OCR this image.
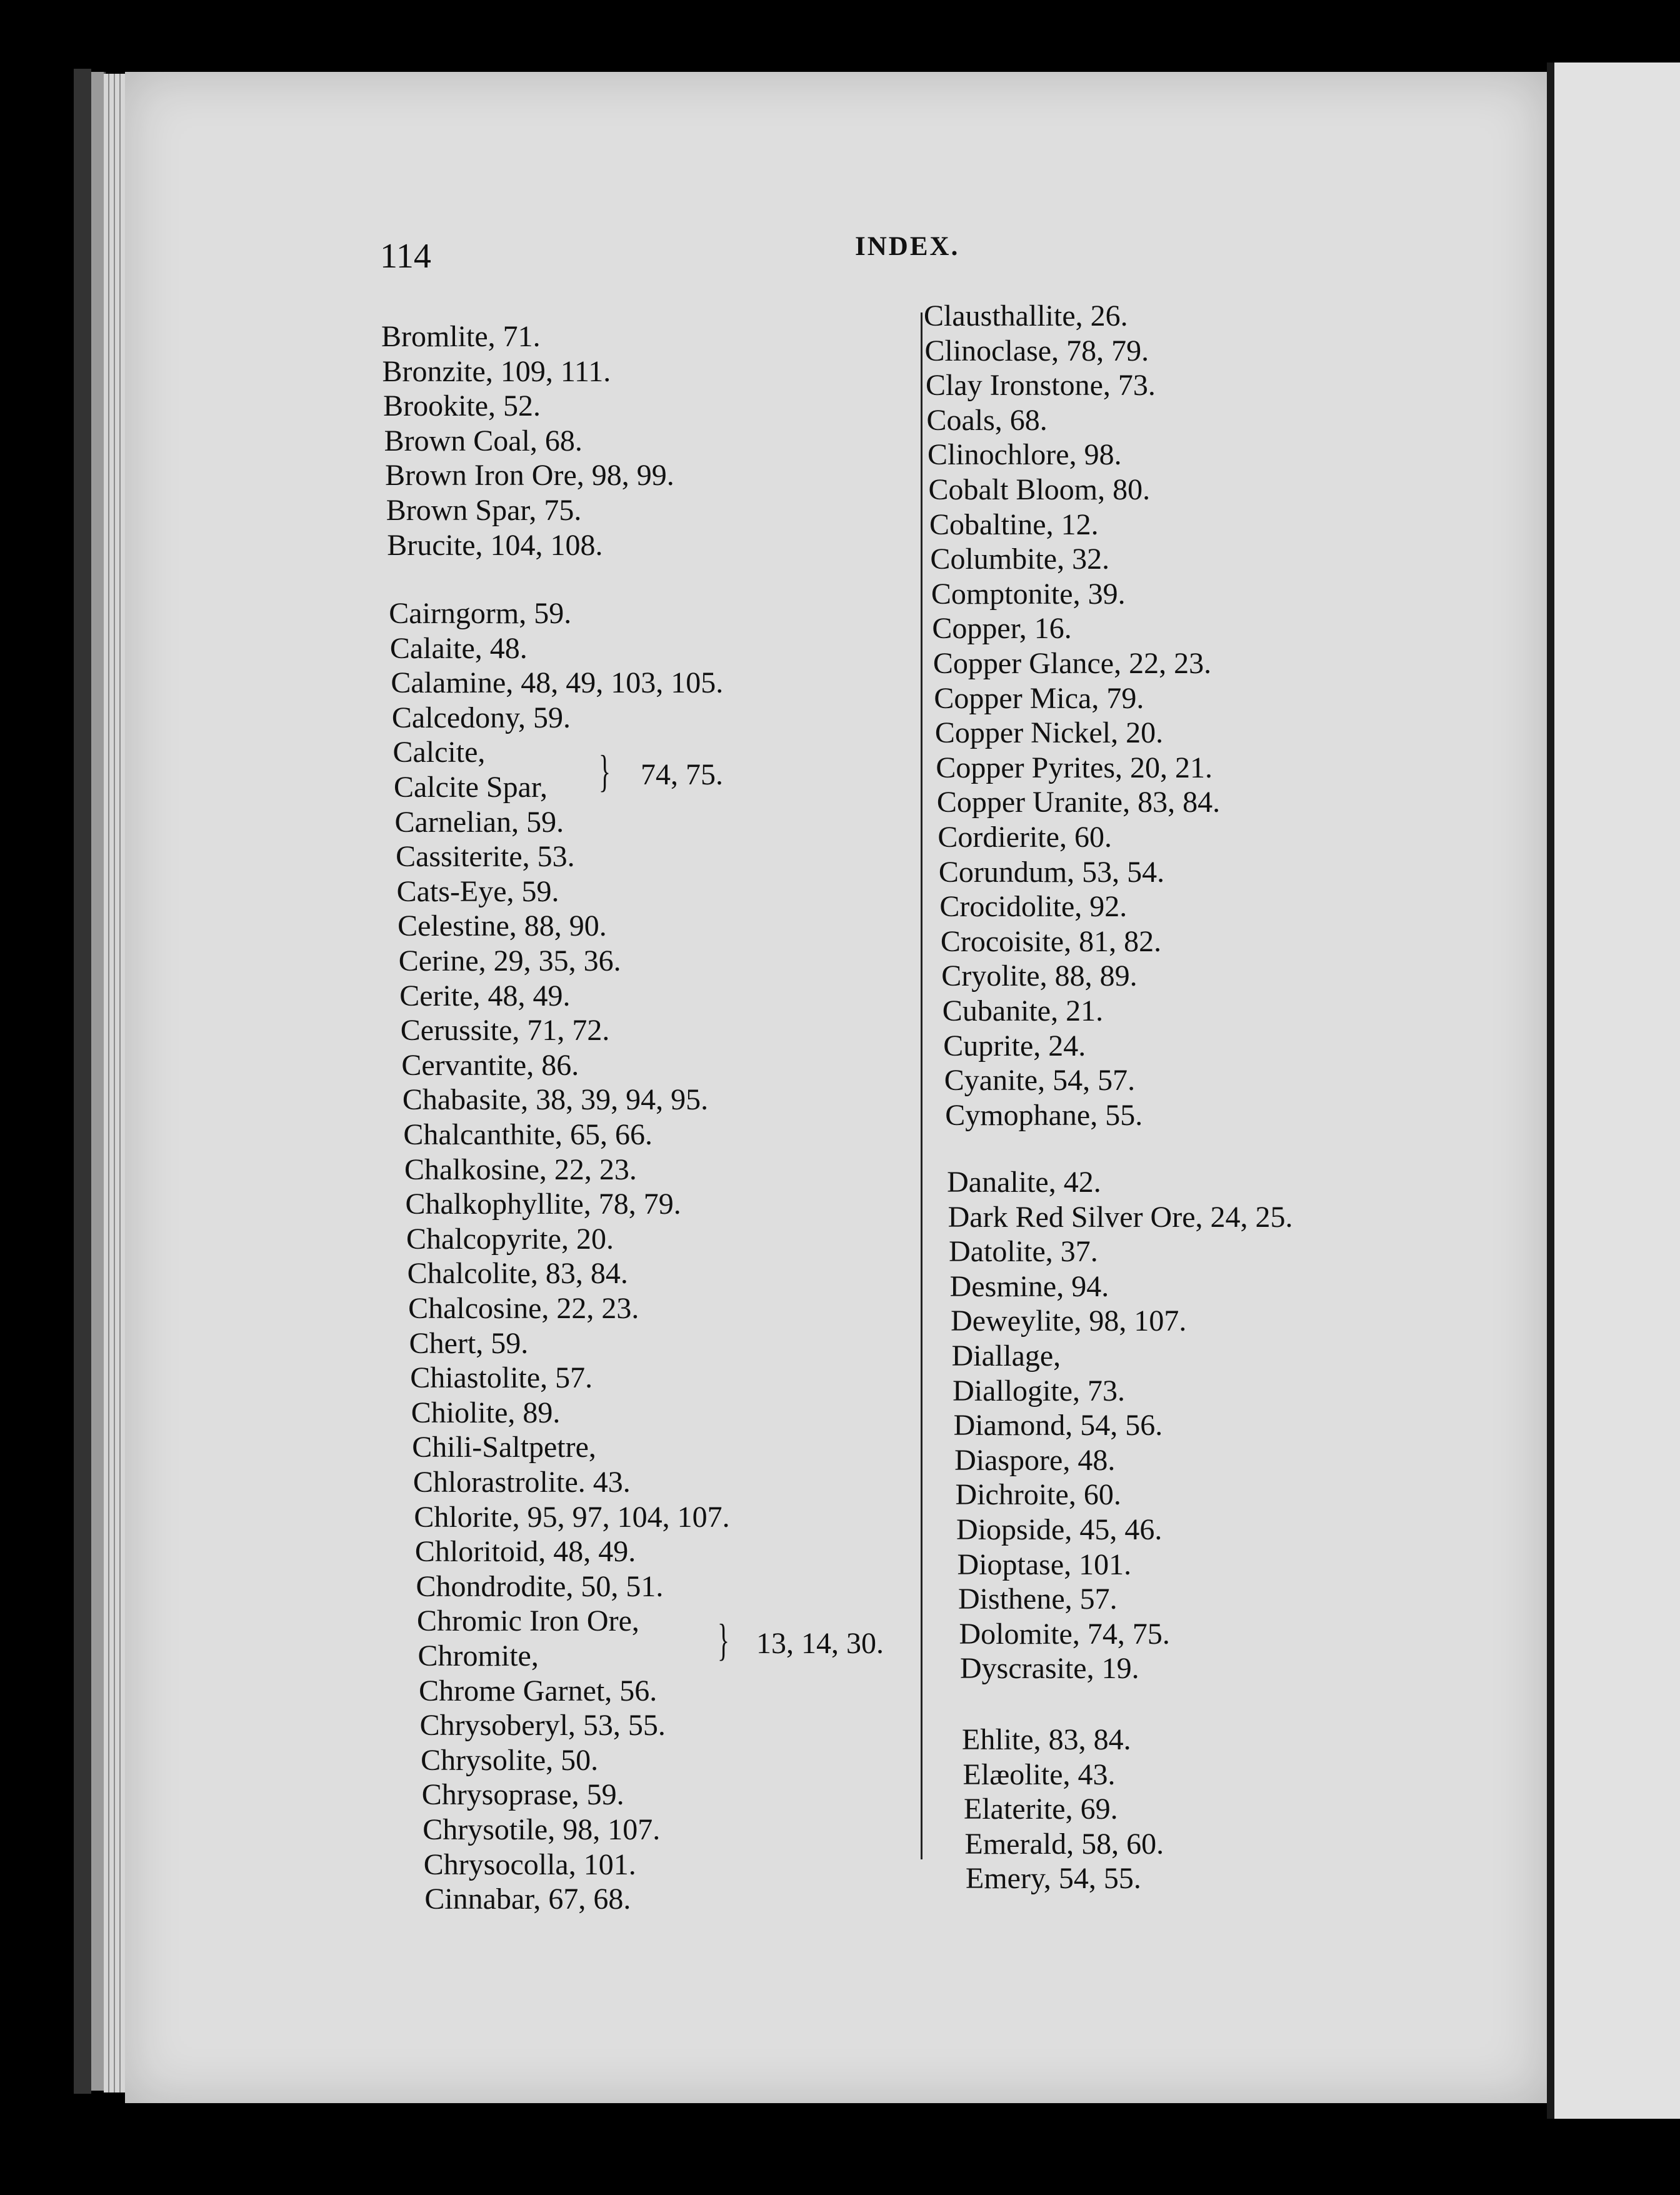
114	INDEX.
Bromlite, 71.
Bronzite, 109, 111.
Brookite, 52.
Brown Coal, 68.
Brown Iron Ore, 98, 99.
Brown Spar, 75.
Brucite, 104, 108.
Cairngorm, 59.
Calaite, 48.
Calamine, 48, 49, 103, 105.
Calcedony, 59.
Calcite,
Calcite Spar,
Carnelian, 59.
Cassiterite, 53.
Cats-Eye, 59.
Celestine, 88, 90.
Cerine, 29, 35, 36.
Cerite, 48, 49.
Cerussite, 71, 72.
Cervantite, 86.
Chabasite, 38, 39, 94, 95.
Chalcanthite, 65, 66.
Chalkosine, 22, 23.
Chalkophyllite, 78, 79.
Chalcopyrite, 20.
Chalcolite, 83, 84.
Chalcosine, 22, 23.
Chert, 59.
Chiastolite, 57.
Chiolite, 89.
Chili-Saltpetre,
Chlorastrolite. 43.
Chlorite, 95, 97, 104, 107.
Chloritoid, 48, 49.
Chondrodite, 50, 51.
Chromic Iron Ore,
Chromite,
Chrome Garnet, 56.
Chrysoberyl, 53, 55.
Chrysolite, 50.
Chrysoprase, 59.
Chrysotile, 98, 107.
Chrysocolla, 101.
Cinnabar, 67, 68.
} 74, 75.
} 13, 14, 30.
Clausthallite, 26.
Clinoclase, 78, 79.
Clay Ironstone, 73.
Coals, 68.
Clinochlore, 98.
Cobalt Bloom, 80.
Cobaltine, 12.
Columbite, 32.
Comptonite, 39.
Copper, 16.
Copper Glance, 22, 23.
Copper Mica, 79.
Copper Nickel, 20.
Copper Pyrites, 20, 21.
Copper Uranite, 83, 84.
Cordierite, 60.
Corundum, 53, 54.
Crocidolite, 92.
Crocoisite, 81, 82.
Cryolite, 88, 89.
Cubanite, 21.
Cuprite, 24.
Cyanite, 54, 57.
Cymophane, 55.
Danalite, 42.
Dark Red Silver Ore, 24, 25.
Datolite, 37.
Desmine, 94.
Deweylite, 98, 107.
Diallage,
Diallogite, 73.
Diamond, 54, 56.
Diaspore, 48.
Dichroite, 60.
Diopside, 45, 46.
Dioptase, 101.
Disthene, 57.
Dolomite, 74, 75.
Dyscrasite, 19.
Ehlite, 83, 84.
Elæolite, 43.
Elaterite, 69.
Emerald, 58, 60.
Emery, 54, 55.
